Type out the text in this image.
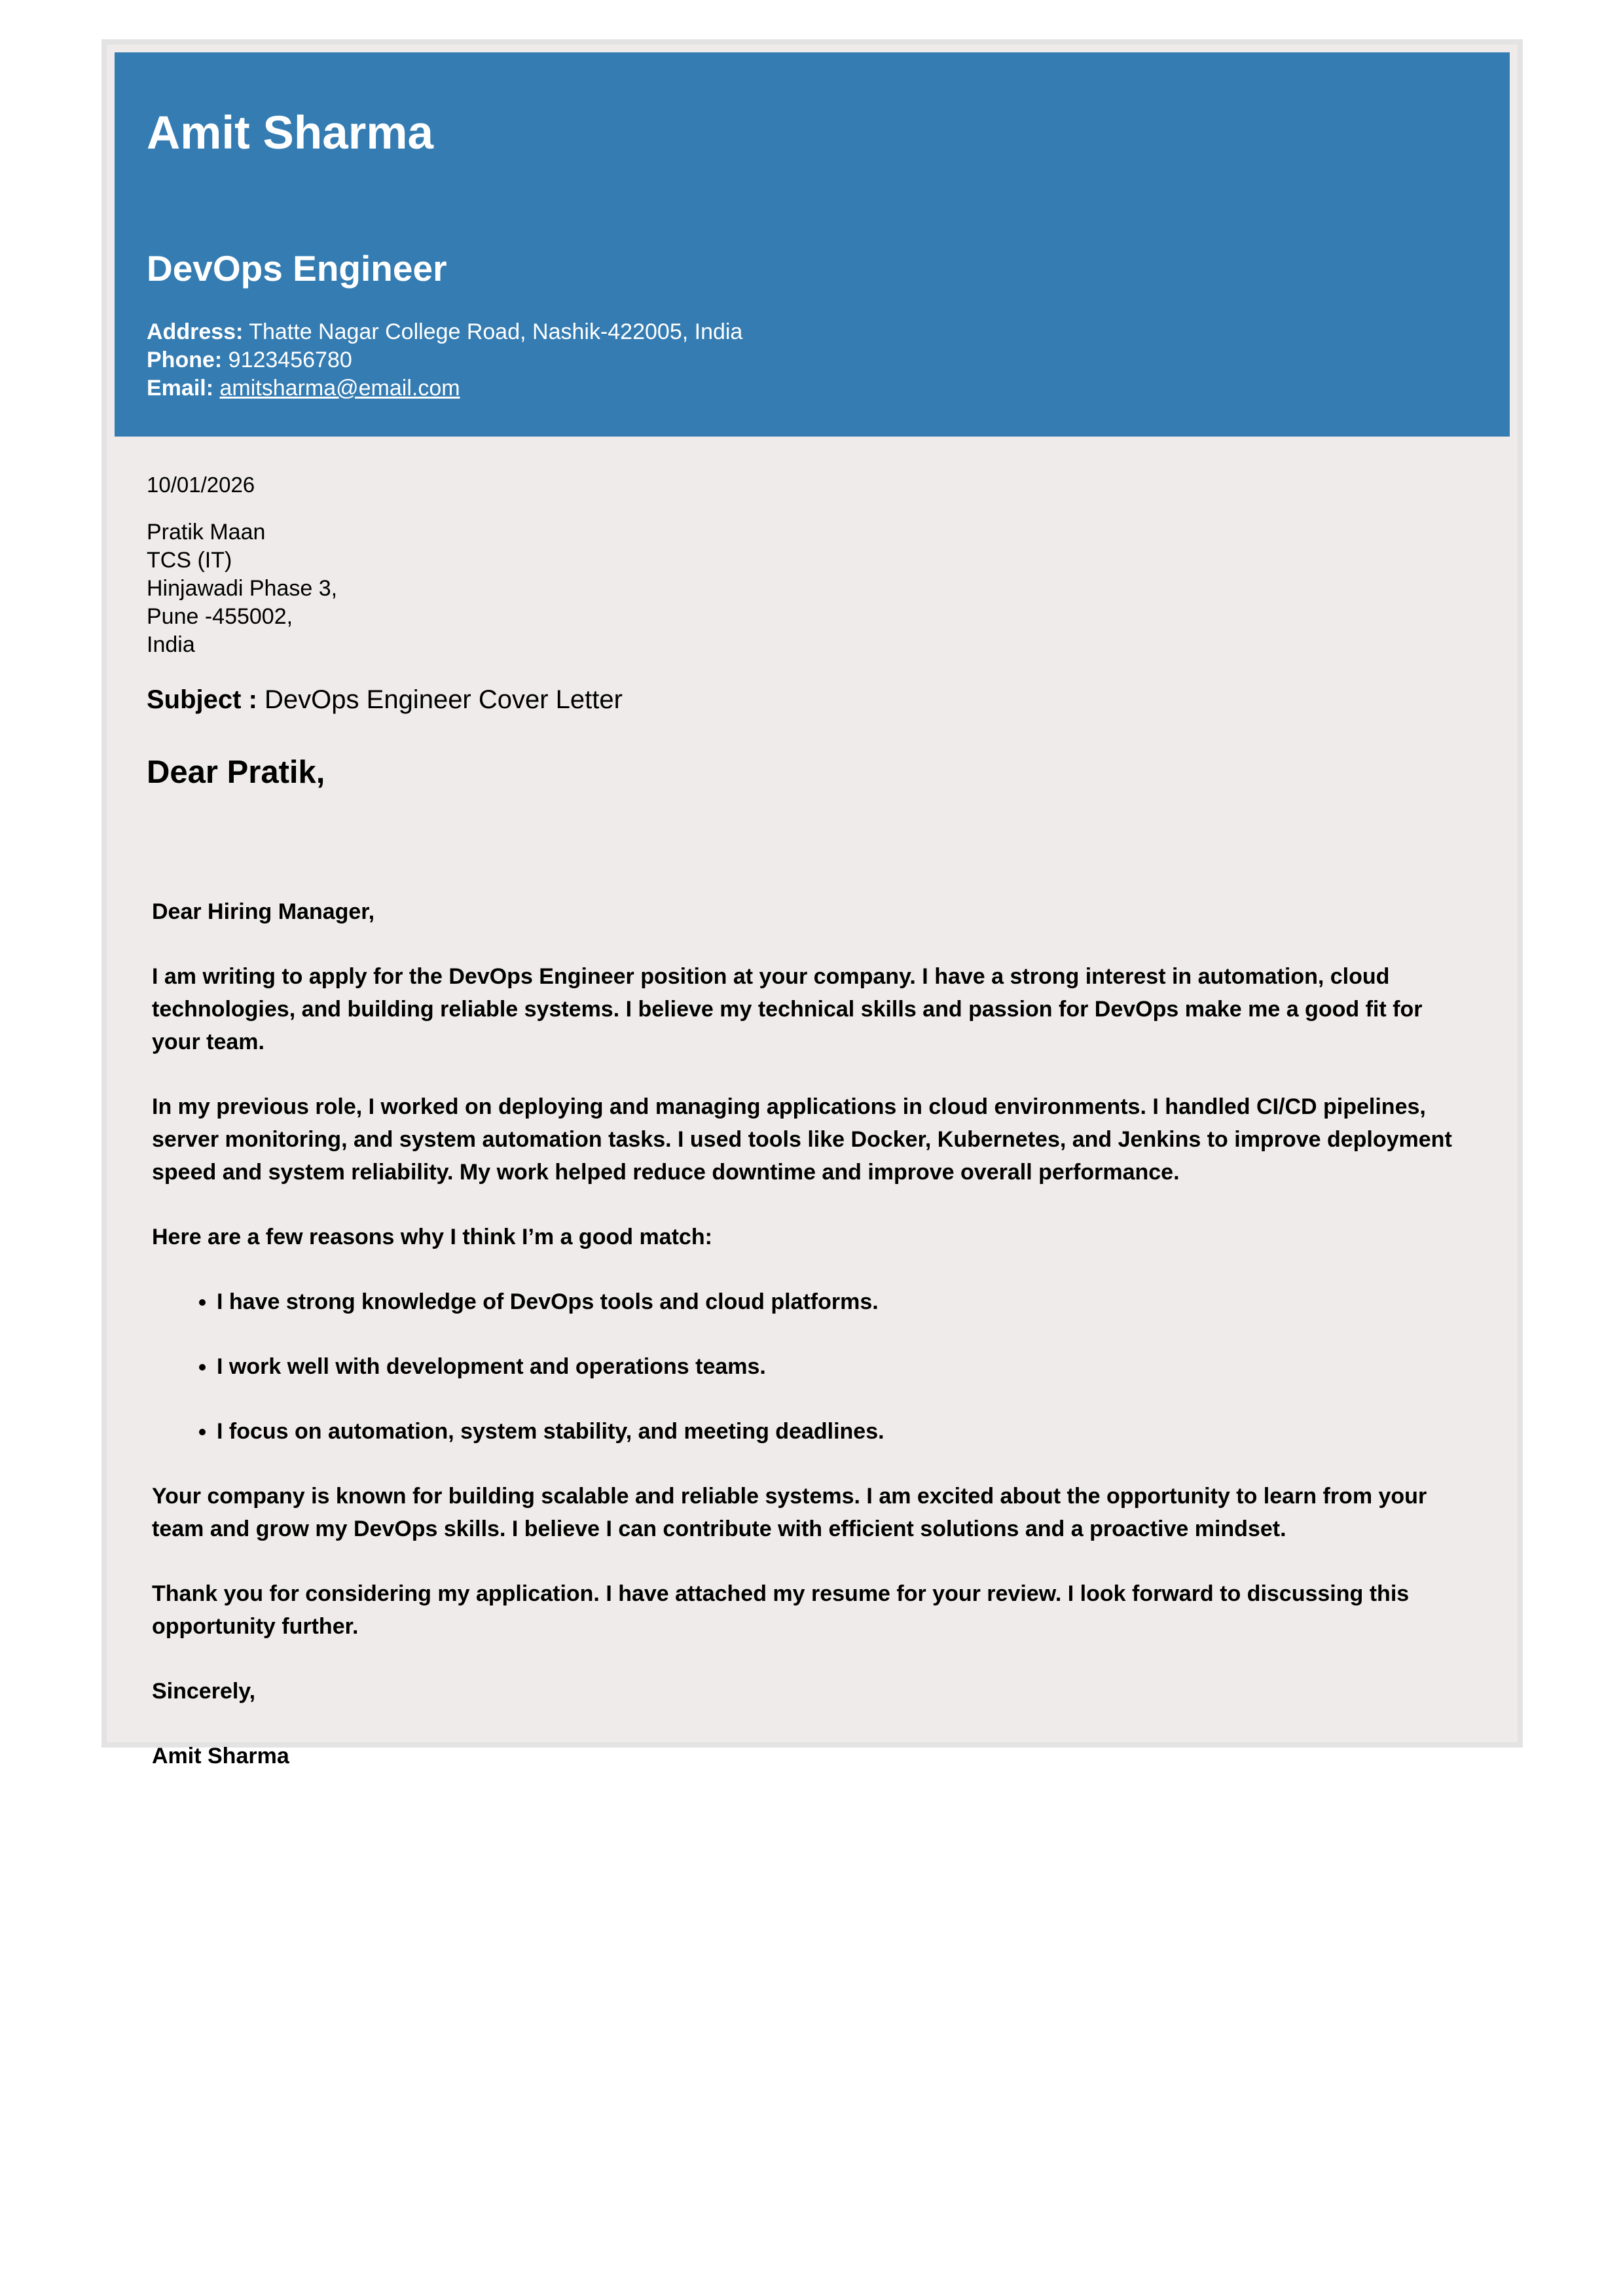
Amit Sharma
DevOps Engineer
Address: Thatte Nagar College Road, Nashik-422005, India
Phone: 9123456780
Email: amitsharma@email.com
10/01/2026
Pratik Maan
TCS (IT)
Hinjawadi Phase 3,
Pune -455002,
India
Subject : DevOps Engineer Cover Letter
Dear Pratik,

Dear Hiring Manager,

I am writing to apply for the DevOps Engineer position at your company. I have a strong interest in automation, cloud technologies, and building reliable systems. I believe my technical skills and passion for DevOps make me a good fit for your team.

In my previous role, I worked on deploying and managing applications in cloud environments. I handled CI/CD pipelines, server monitoring, and system automation tasks. I used tools like Docker, Kubernetes, and Jenkins to improve deployment speed and system reliability. My work helped reduce downtime and improve overall performance.

Here are a few reasons why I think I’m a good match:

• I have strong knowledge of DevOps tools and cloud platforms.
• I work well with development and operations teams.
• I focus on automation, system stability, and meeting deadlines.

Your company is known for building scalable and reliable systems. I am excited about the opportunity to learn from your team and grow my DevOps skills. I believe I can contribute with efficient solutions and a proactive mindset.

Thank you for considering my application. I have attached my resume for your review. I look forward to discussing this opportunity further.

Sincerely,

Amit Sharma
